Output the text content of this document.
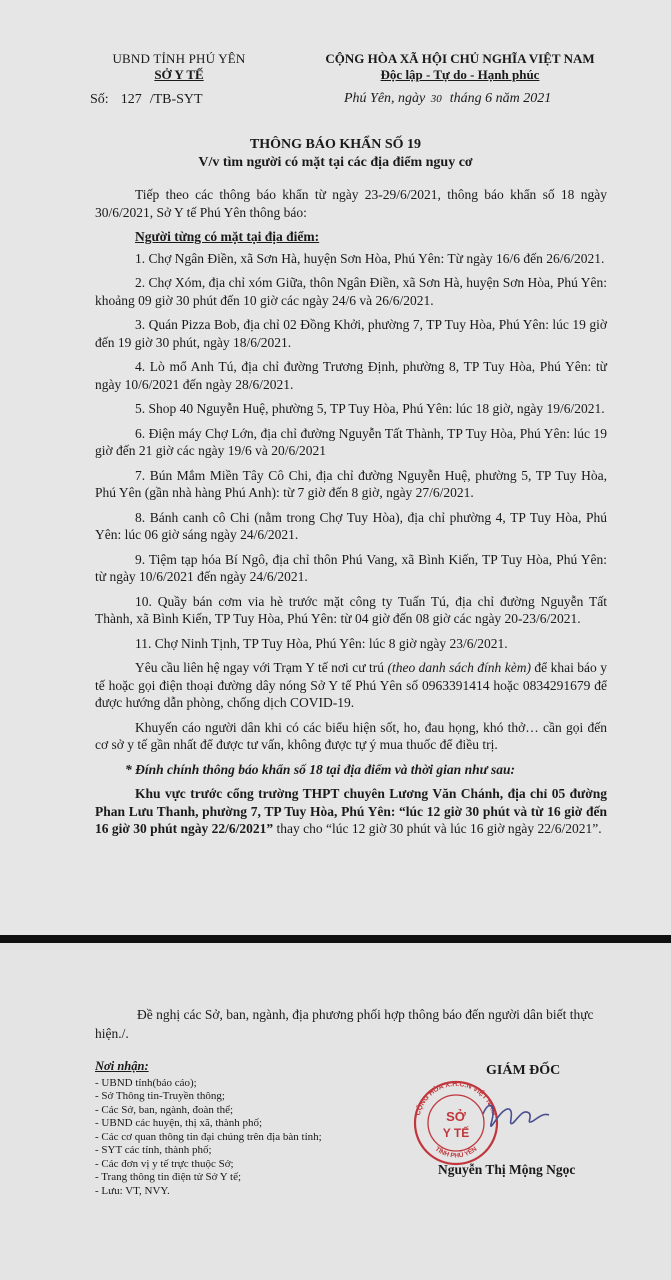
UBND TỈNH PHÚ YÊN
SỞ Y TẾ
CỘNG HÒA XÃ HỘI CHỦ NGHĨA VIỆT NAM
Độc lập - Tự do - Hạnh phúc
Số: 127 /TB-SYT	Phú Yên, ngày 30 tháng 6 năm 2021
THÔNG BÁO KHẨN SỐ 19
V/v tìm người có mặt tại các địa điểm nguy cơ

Tiếp theo các thông báo khẩn từ ngày 23-29/6/2021, thông báo khẩn số 18 ngày 30/6/2021, Sở Y tế Phú Yên thông báo:

Người từng có mặt tại địa điểm:

1. Chợ Ngân Điền, xã Sơn Hà, huyện Sơn Hòa, Phú Yên: Từ ngày 16/6 đến 26/6/2021.

2. Chợ Xóm, địa chỉ xóm Giữa, thôn Ngân Điền, xã Sơn Hà, huyện Sơn Hòa, Phú Yên: khoảng 09 giờ 30 phút đến 10 giờ các ngày 24/6 và 26/6/2021.

3. Quán Pizza Bob, địa chỉ 02 Đồng Khởi, phường 7, TP Tuy Hòa, Phú Yên: lúc 19 giờ đến 19 giờ 30 phút, ngày 18/6/2021.

4. Lò mổ Anh Tú, địa chỉ đường Trương Định, phường 8, TP Tuy Hòa, Phú Yên: từ ngày 10/6/2021 đến ngày 28/6/2021.

5. Shop 40 Nguyễn Huệ, phường 5, TP Tuy Hòa, Phú Yên: lúc 18 giờ, ngày 19/6/2021.

6. Điện máy Chợ Lớn, địa chỉ đường Nguyễn Tất Thành, TP Tuy Hòa, Phú Yên: lúc 19 giờ đến 21 giờ các ngày 19/6 và 20/6/2021

7. Bún Mắm Miền Tây Cô Chi, địa chỉ đường Nguyễn Huệ, phường 5, TP Tuy Hòa, Phú Yên (gần nhà hàng Phú Anh): từ 7 giờ đến 8 giờ, ngày 27/6/2021.

8. Bánh canh cô Chi (nằm trong Chợ Tuy Hòa), địa chỉ phường 4, TP Tuy Hòa, Phú Yên: lúc 06 giờ sáng ngày 24/6/2021.

9. Tiệm tạp hóa Bí Ngô, địa chỉ thôn Phú Vang, xã Bình Kiến, TP Tuy Hòa, Phú Yên: từ ngày 10/6/2021 đến ngày 24/6/2021.

10. Quầy bán cơm via hè trước mặt công ty Tuấn Tú, địa chỉ đường Nguyễn Tất Thành, xã Bình Kiến, TP Tuy Hòa, Phú Yên: từ 04 giờ đến 08 giờ các ngày 20-23/6/2021.

11. Chợ Ninh Tịnh, TP Tuy Hòa, Phú Yên: lúc 8 giờ ngày 23/6/2021.

Yêu cầu liên hệ ngay với Trạm Y tế nơi cư trú (theo danh sách đính kèm) để khai báo y tế hoặc gọi điện thoại đường dây nóng Sở Y tế Phú Yên số 0963391414 hoặc 0834291679 để được hướng dẫn phòng, chống dịch COVID-19.

Khuyến cáo người dân khi có các biểu hiện sốt, ho, đau họng, khó thở… cần gọi đến cơ sở y tế gần nhất để được tư vấn, không được tự ý mua thuốc để điều trị.

* Đính chính thông báo khẩn số 18 tại địa điểm và thời gian như sau:

Khu vực trước cổng trường THPT chuyên Lương Văn Chánh, địa chỉ 05 đường Phan Lưu Thanh, phường 7, TP Tuy Hòa, Phú Yên: “lúc 12 giờ 30 phút và từ 16 giờ đến 16 giờ 30 phút ngày 22/6/2021” thay cho “lúc 12 giờ 30 phút và lúc 16 giờ ngày 22/6/2021”.

Đề nghị các Sở, ban, ngành, địa phương phối hợp thông báo đến người dân biết thực hiện./.
Nơi nhận:
- UBND tỉnh(báo cáo);
- Sở Thông tin-Truyền thông;
- Các Sở, ban, ngành, đoàn thể;
- UBND các huyện, thị xã, thành phố;
- Các cơ quan thông tin đại chúng trên địa bàn tỉnh;
- SYT các tỉnh, thành phố;
- Các đơn vị y tế trực thuộc Sở;
- Trang thông tin điện tử Sở Y tế;
- Lưu: VT, NVY.
GIÁM ĐỐC
CỘNG HÒA X.H.C.N VIỆT NAM
TỈNH PHÚ YÊN
SỞ
Y TẾ
Nguyễn Thị Mộng Ngọc
